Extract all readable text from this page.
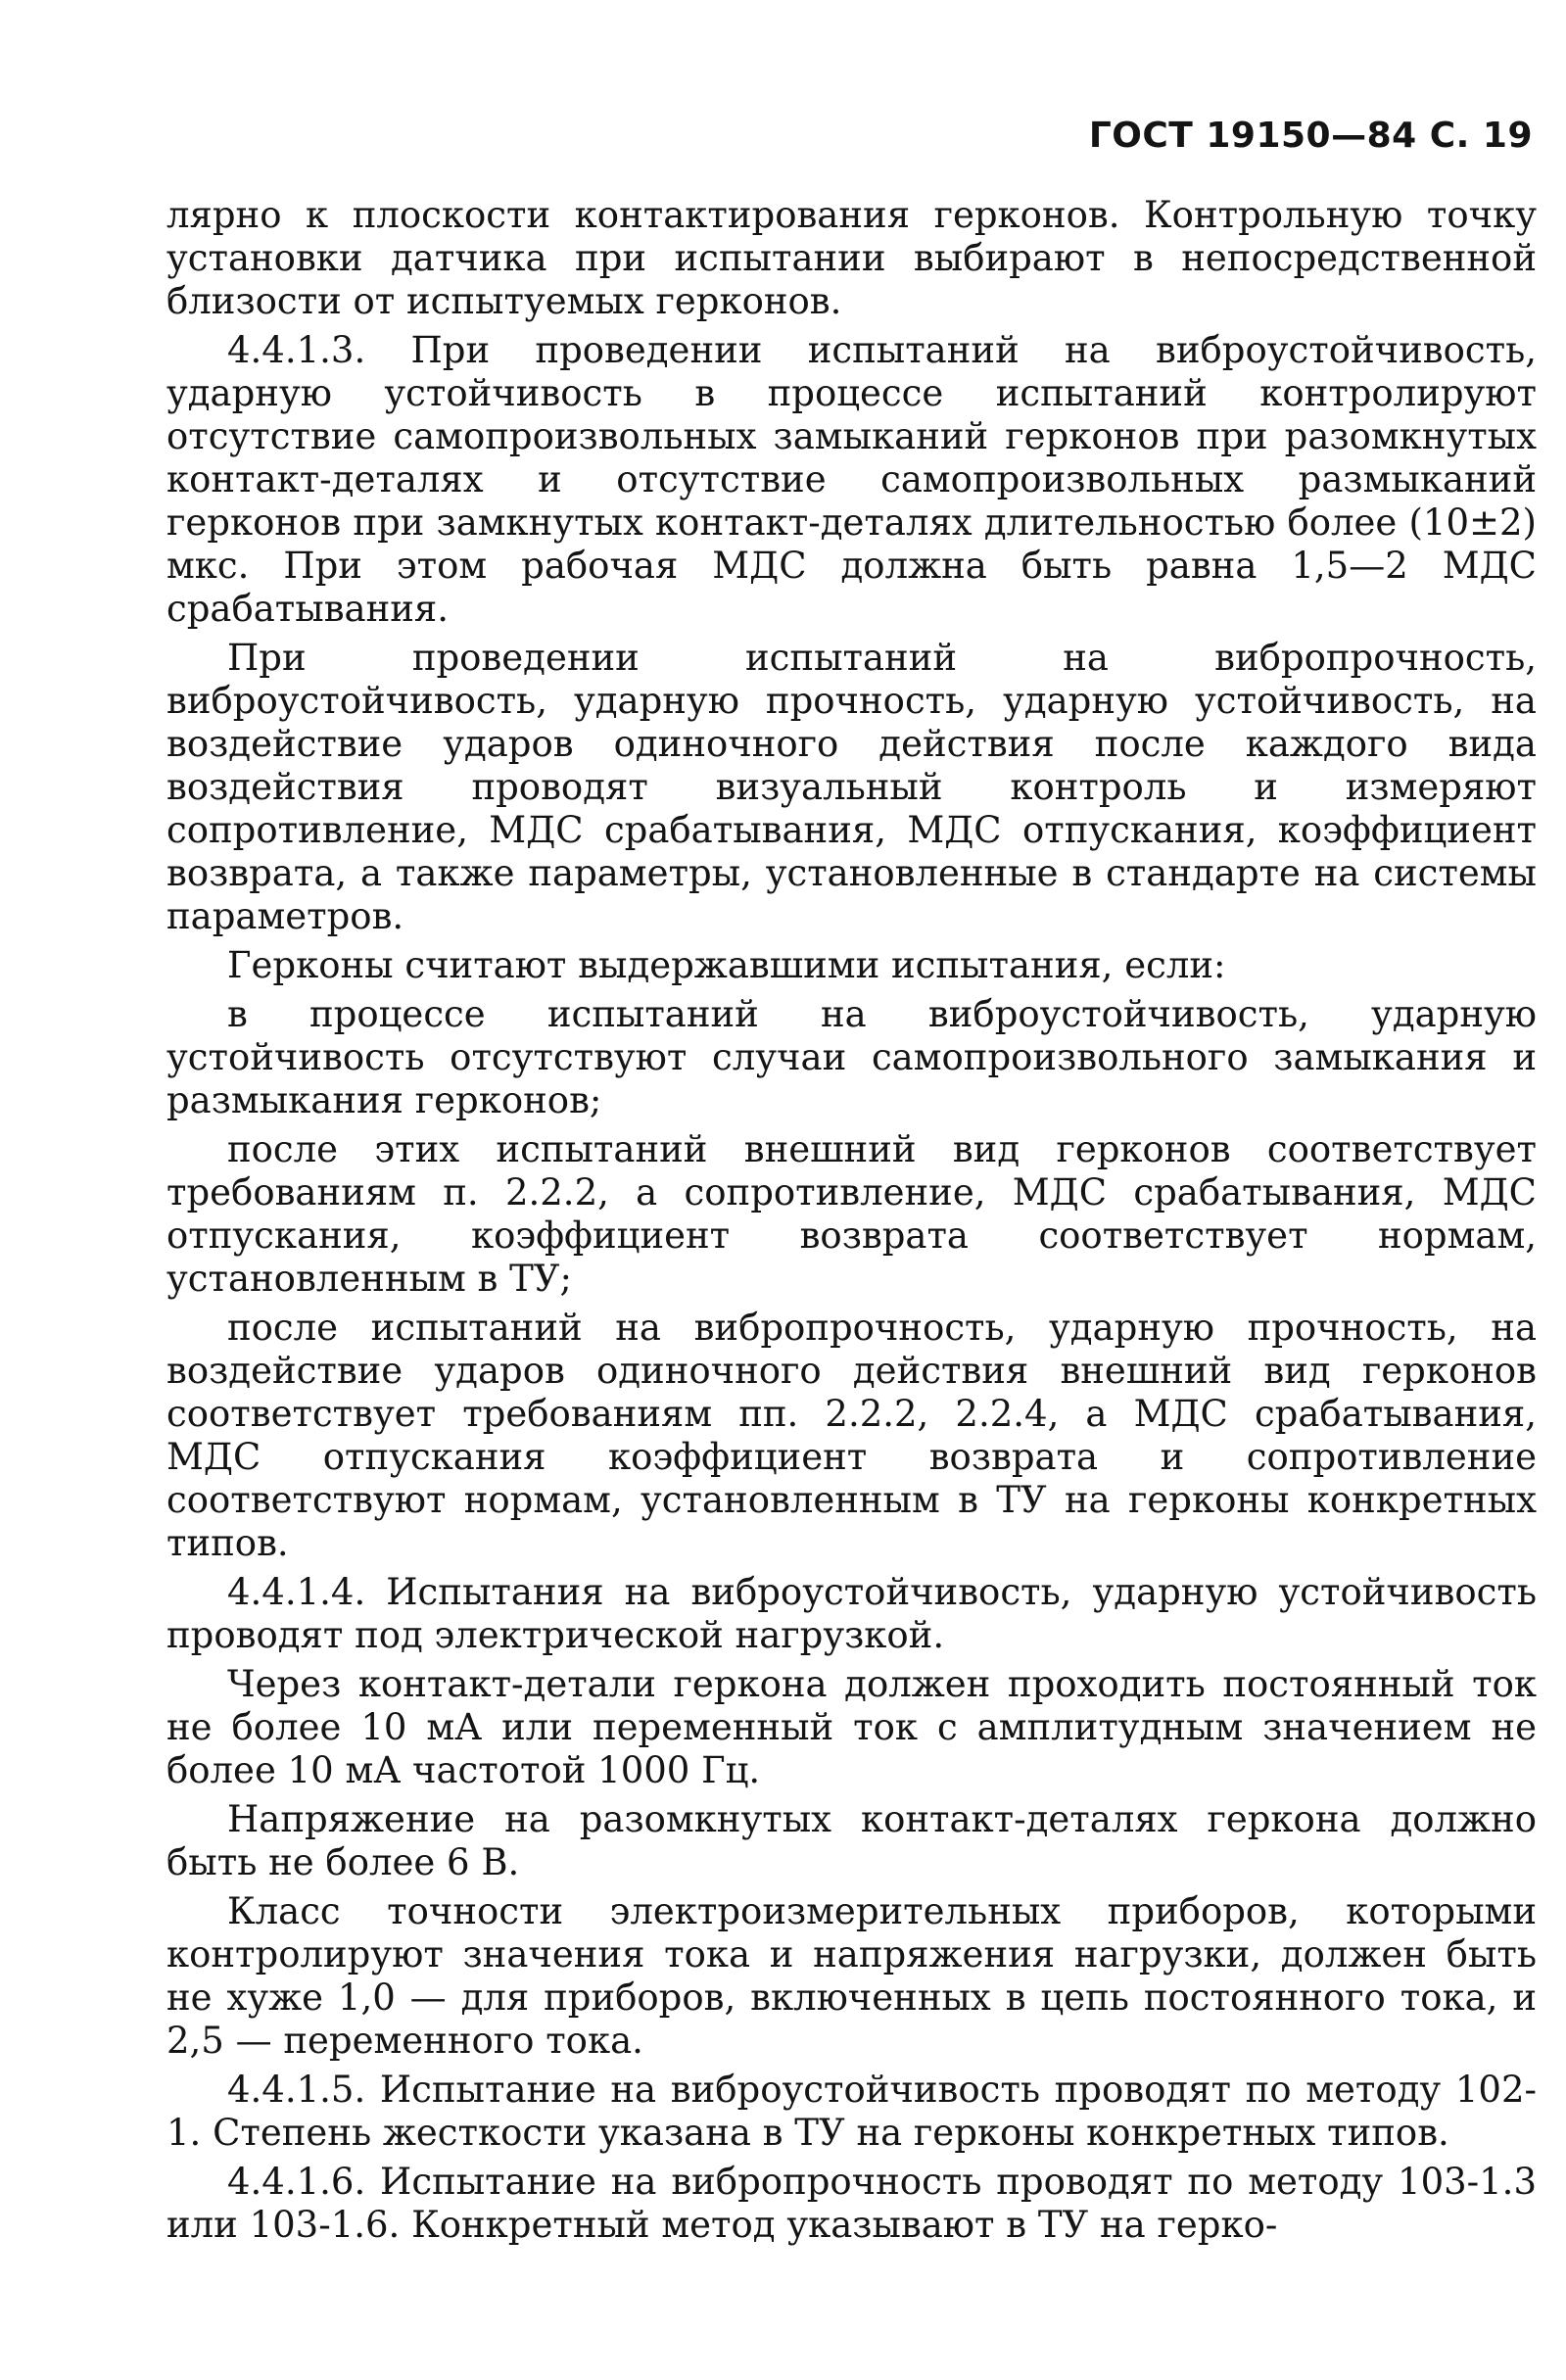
ГОСТ 19150—84 С. 19

лярно к плоскости контактирования герконов. Контрольную точку установки датчика при испытании выбирают в непосредственной близости от испытуемых герконов.

4.4.1.3. При проведении испытаний на виброустойчивость, ударную устойчивость в процессе испытаний контролируют отсутствие самопроизвольных замыканий герконов при разомкнутых контакт-деталях и отсутствие самопроизвольных размыканий герконов при замкнутых контакт-деталях длительностью более (10±2) мкс. При этом рабочая МДС должна быть равна 1,5—2 МДС срабатывания.

При проведении испытаний на вибропрочность, виброустойчивость, ударную прочность, ударную устойчивость, на воздействие ударов одиночного действия после каждого вида воздействия проводят визуальный контроль и измеряют сопротивление, МДС срабатывания, МДС отпускания, коэффициент возврата, а также параметры, установленные в стандарте на системы параметров.

Герконы считают выдержавшими испытания, если:

в процессе испытаний на виброустойчивость, ударную устойчивость отсутствуют случаи самопроизвольного замыкания и размыкания герконов;

после этих испытаний внешний вид герконов соответствует требованиям п. 2.2.2, а сопротивление, МДС срабатывания, МДС отпускания, коэффициент возврата соответствует нормам, установленным в ТУ;

после испытаний на вибропрочность, ударную прочность, на воздействие ударов одиночного действия внешний вид герконов соответствует требованиям пп. 2.2.2, 2.2.4, а МДС срабатывания, МДС отпускания коэффициент возврата и сопротивление соответствуют нормам, установленным в ТУ на герконы конкретных типов.

4.4.1.4. Испытания на виброустойчивость, ударную устойчивость проводят под электрической нагрузкой.

Через контакт-детали геркона должен проходить постоянный ток не более 10 мА или переменный ток с амплитудным значением не более 10 мА частотой 1000 Гц.

Напряжение на разомкнутых контакт-деталях геркона должно быть не более 6 В.

Класс точности электроизмерительных приборов, которыми контролируют значения тока и напряжения нагрузки, должен быть не хуже 1,0 — для приборов, включенных в цепь постоянного тока, и 2,5 — переменного тока.

4.4.1.5. Испытание на виброустойчивость проводят по методу 102-1. Степень жесткости указана в ТУ на герконы конкретных типов.

4.4.1.6. Испытание на вибропрочность проводят по методу 103-1.3 или 103-1.6. Конкретный метод указывают в ТУ на герко-
